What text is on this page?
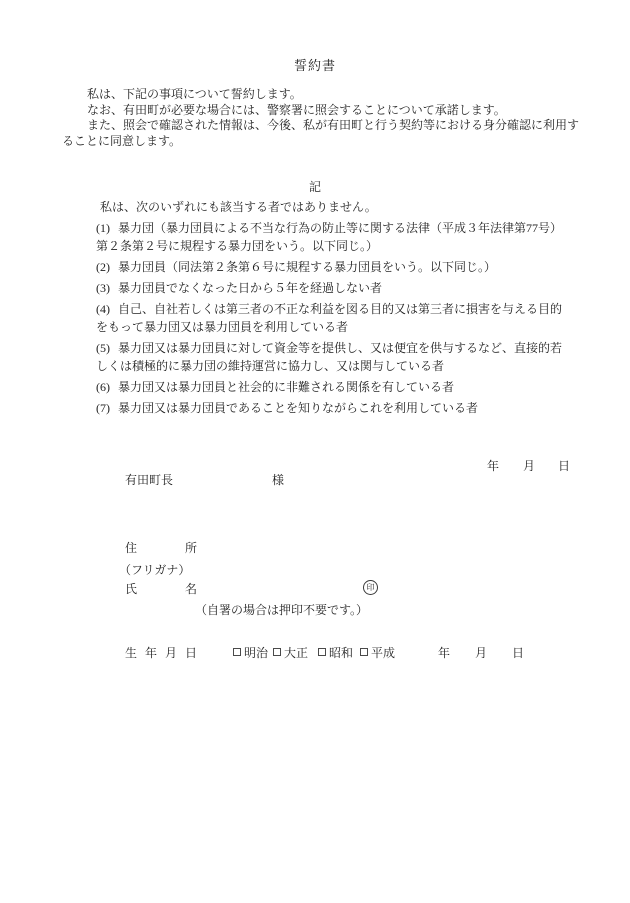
誓約書
私は、下記の事項について誓約します。
なお、有田町が必要な場合には、警察署に照会することについて承諾します。
また、照会で確認された情報は、今後、私が有田町と行う契約等における身分確認に利用す
ることに同意します。
記
私は、次のいずれにも該当する者ではありません。
(1) 暴力団（暴力団員による不当な行為の防止等に関する法律（平成３年法律第77号）
第２条第２号に規程する暴力団をいう。以下同じ。）
(2) 暴力団員（同法第２条第６号に規程する暴力団員をいう。以下同じ。）
(3) 暴力団員でなくなった日から５年を経過しない者
(4) 自己、自社若しくは第三者の不正な利益を図る目的又は第三者に損害を与える目的
をもって暴力団又は暴力団員を利用している者
(5) 暴力団又は暴力団員に対して資金等を提供し、又は便宜を供与するなど、直接的若
しくは積極的に暴力団の維持運営に協力し、又は関与している者
(6) 暴力団又は暴力団員と社会的に非難される関係を有している者
(7) 暴力団又は暴力団員であることを知りながらこれを利用している者
年 月 日
有田町長	様
住　　　　所
（フリガナ）
氏　　　　名	印
（自署の場合は押印不要です。）
生年月日	明治	大正	昭和	平成	年 月 日
